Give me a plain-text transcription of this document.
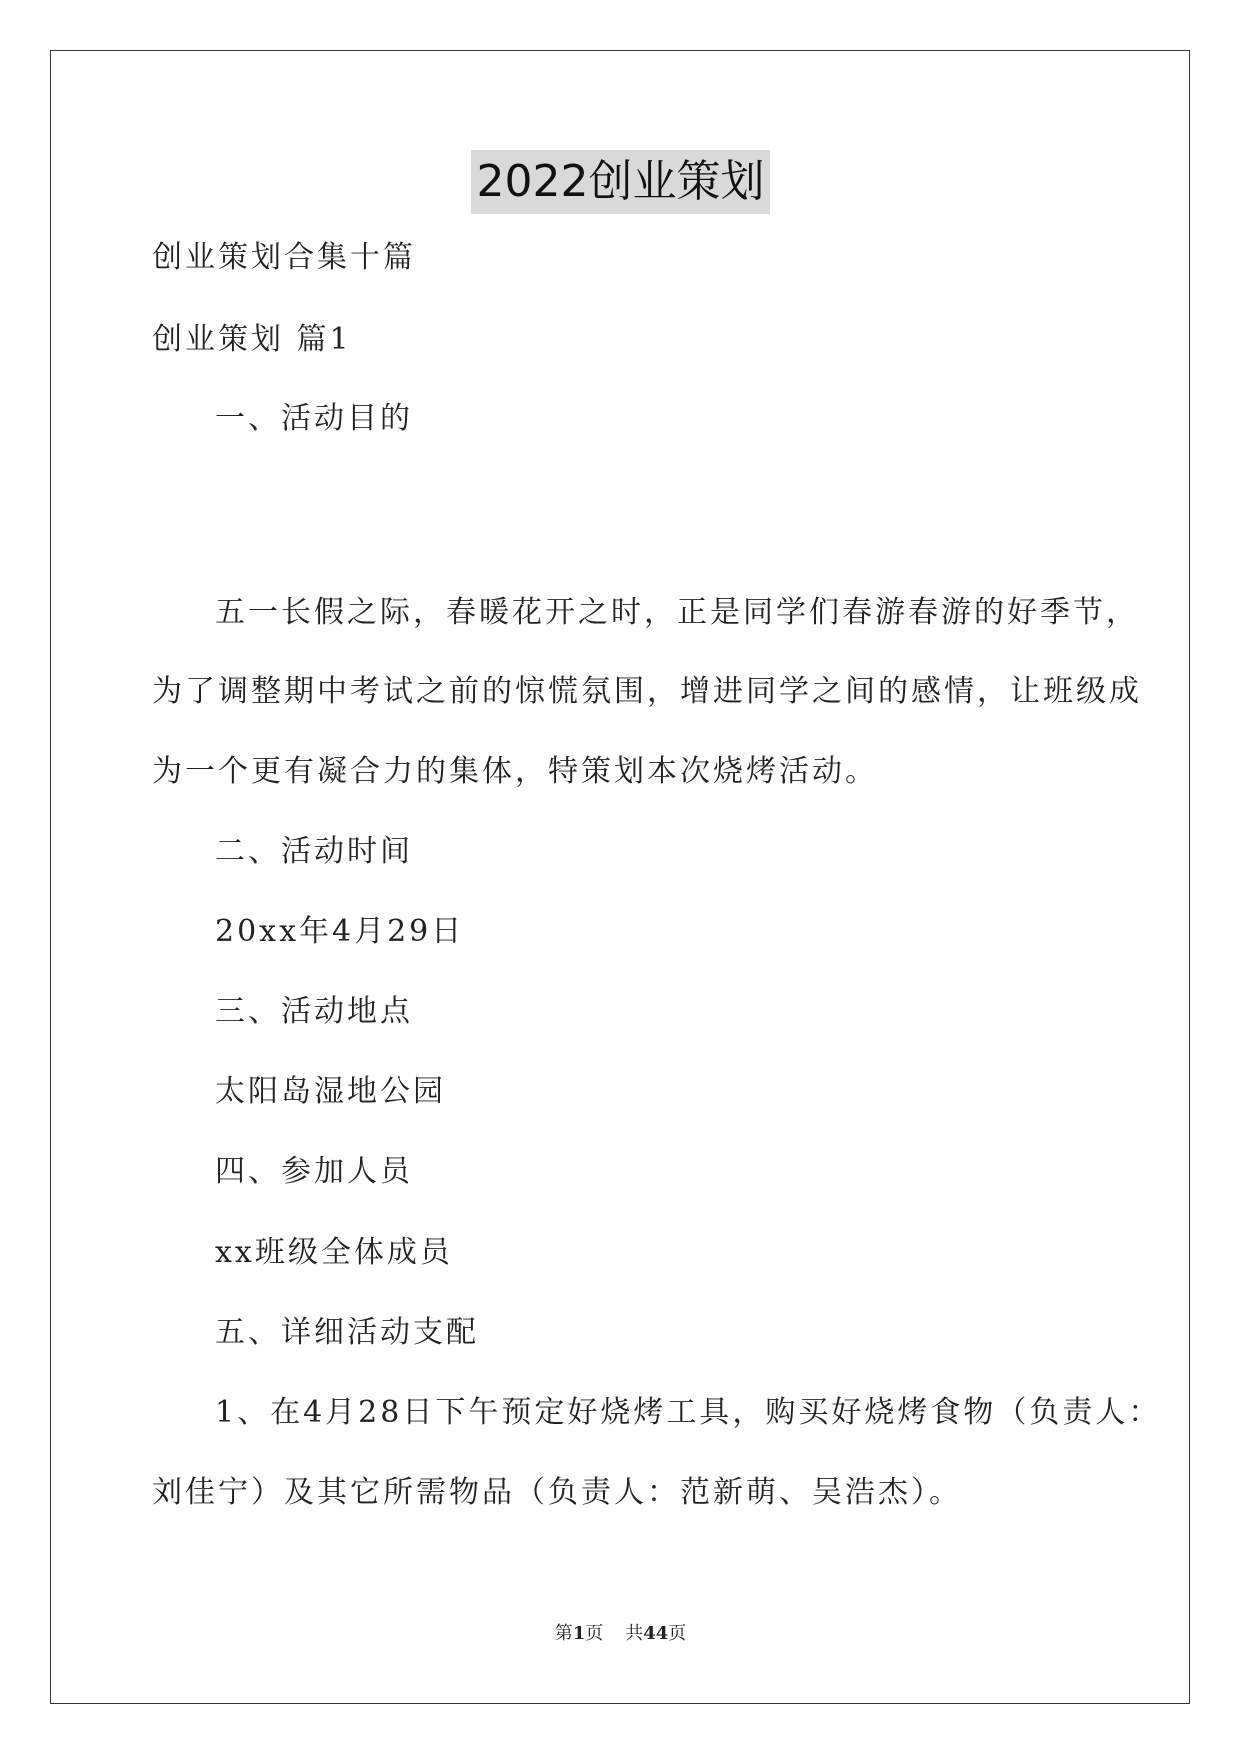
2022创业策划
创业策划合集十篇
创业策划 篇1
一、活动目的
五一长假之际，春暖花开之时，正是同学们春游春游的好季节，
为了调整期中考试之前的惊慌氛围，增进同学之间的感情，让班级成
为一个更有凝合力的集体，特策划本次烧烤活动。
二、活动时间
20xx年4月29日
三、活动地点
太阳岛湿地公园
四、参加人员
xx班级全体成员
五、详细活动支配
1、在4月28日下午预定好烧烤工具，购买好烧烤食物（负责人：
刘佳宁）及其它所需物品（负责人：范新萌、吴浩杰）。
第1页 共44页
